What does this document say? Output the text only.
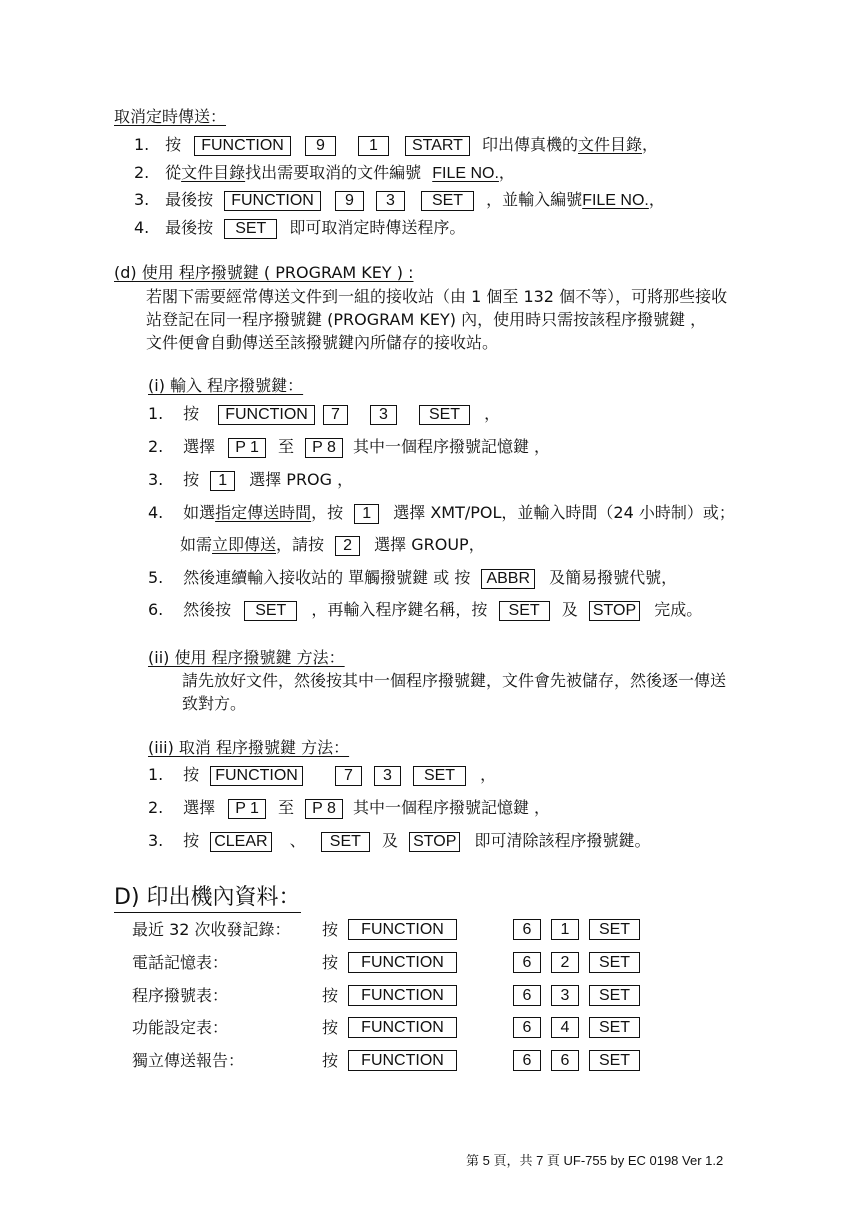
取消定時傳送：
1. 按 FUNCTION 9	1 START 印出傳真機的文件目錄，
2. 從文件目錄找出需要取消的文件編號 FILE NO.，
3. 最後按 FUNCTION 9 3 SET ，並輸入編號FILE NO.，
4. 最後按 SET 即可取消定時傳送程序。
(d) 使用 程序撥號鍵 ( PROGRAM KEY ) :
若閣下需要經常傳送文件到一組的接收站（由 1 個至 132 個不等），可將那些接收
站登記在同一程序撥號鍵 (PROGRAM KEY) 內，使用時只需按該程序撥號鍵 ，
文件便會自動傳送至該撥號鍵內所儲存的接收站。
(i) 輸入 程序撥號鍵：
1. 按 FUNCTION 7 3	SET ，
2. 選擇 P 1 至 P 8 其中一個程序撥號記憶鍵 ，
3. 按 1 選擇 PROG ，
4. 如選指定傳送時間，按 1 選擇 XMT/POL，並輸入時間（24 小時制）或；
如需立即傳送，請按 2 選擇 GROUP，
5. 然後連續輸入接收站的 單觸撥號鍵 或 按 ABBR 及簡易撥號代號，
6. 然後按 SET ，再輸入程序鍵名稱，按 SET 及 STOP 完成。
(ii) 使用 程序撥號鍵 方法：
請先放好文件，然後按其中一個程序撥號鍵，文件會先被儲存，然後逐一傳送
致對方。
(iii) 取消 程序撥號鍵 方法：
1. 按 FUNCTION	7 3 SET ，
2. 選擇 P 1 至 P 8 其中一個程序撥號記憶鍵 ，
3. 按 CLEAR 、 SET 及 STOP 即可清除該程序撥號鍵。
D) 印出機內資料：
最近 32 次收發記錄： 按	FUNCTION	6	1	SET
電話記憶表：	按	FUNCTION	6	2	SET
程序撥號表：	按	FUNCTION	6	3	SET
功能設定表：	按	FUNCTION	6	4	SET
獨立傳送報告：	按	FUNCTION	6	6	SET
第 5 頁，共 7 頁 UF-755 by EC 0198 Ver 1.2
